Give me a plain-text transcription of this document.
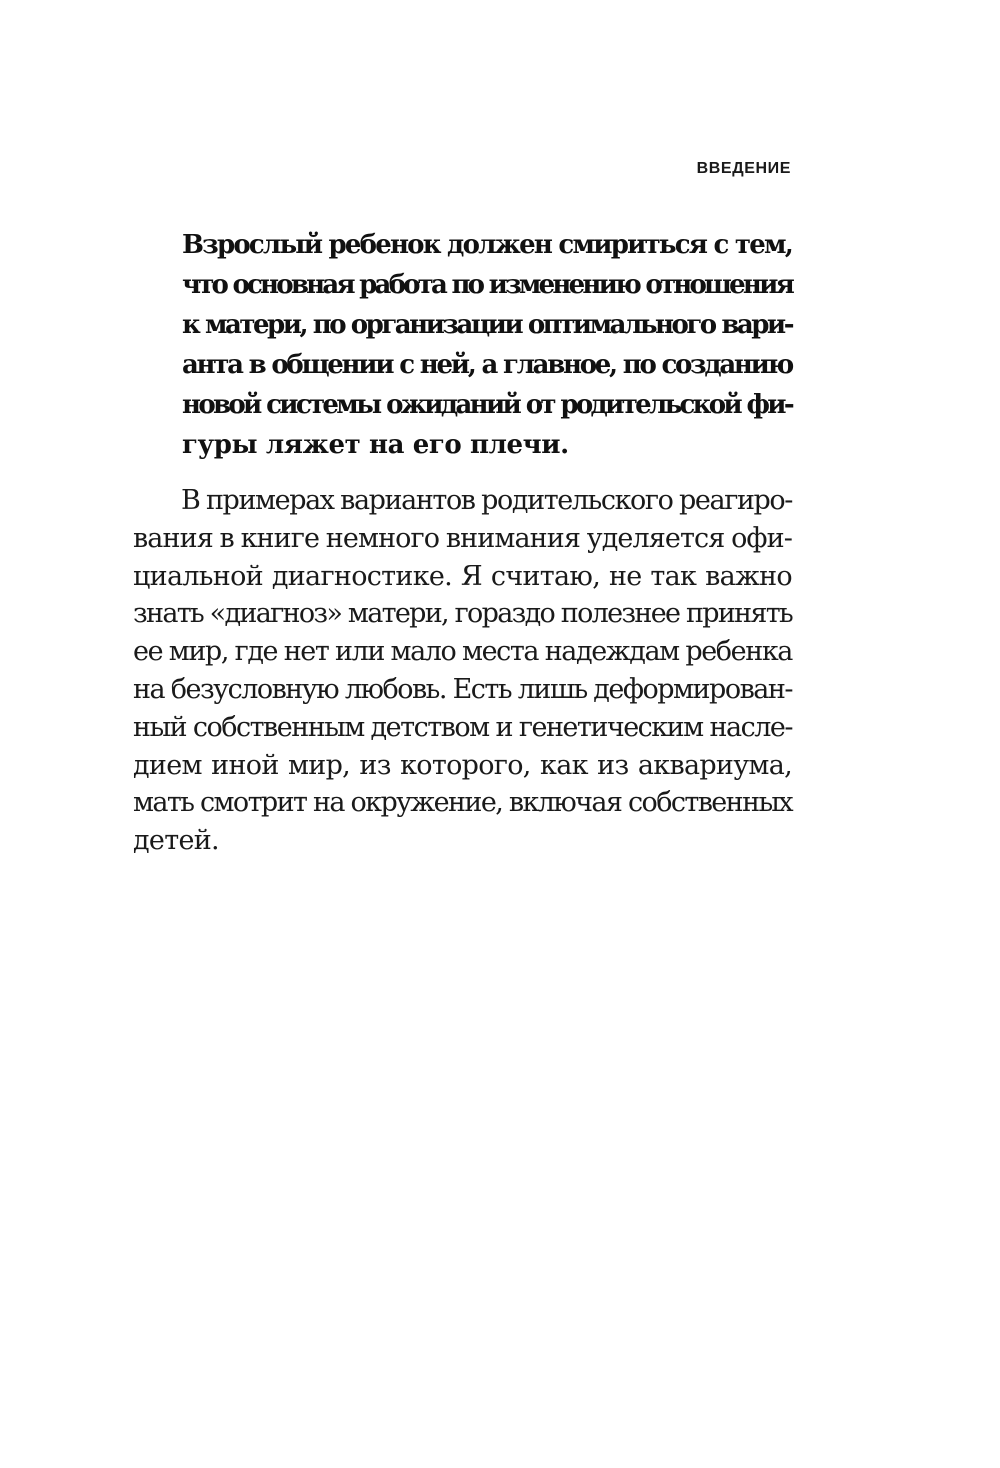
ВВЕДЕНИЕ
Взрослый ребенок должен смириться с тем,
что основная работа по изменению отношения
к матери, по организации оптимального вари-
анта в общении с ней, а главное, по созданию
новой системы ожиданий от родительской фи-
гуры ляжет на его плечи.
В примерах вариантов родительского реагиро-
вания в книге немного внимания уделяется офи-
циальной диагностике. Я считаю, не так важно
знать «диагноз» матери, гораздо полезнее принять
ее мир, где нет или мало места надеждам ребенка
на безусловную любовь. Есть лишь деформирован-
ный собственным детством и генетическим насле-
дием иной мир, из которого, как из аквариума,
мать смотрит на окружение, включая собственных
детей.
